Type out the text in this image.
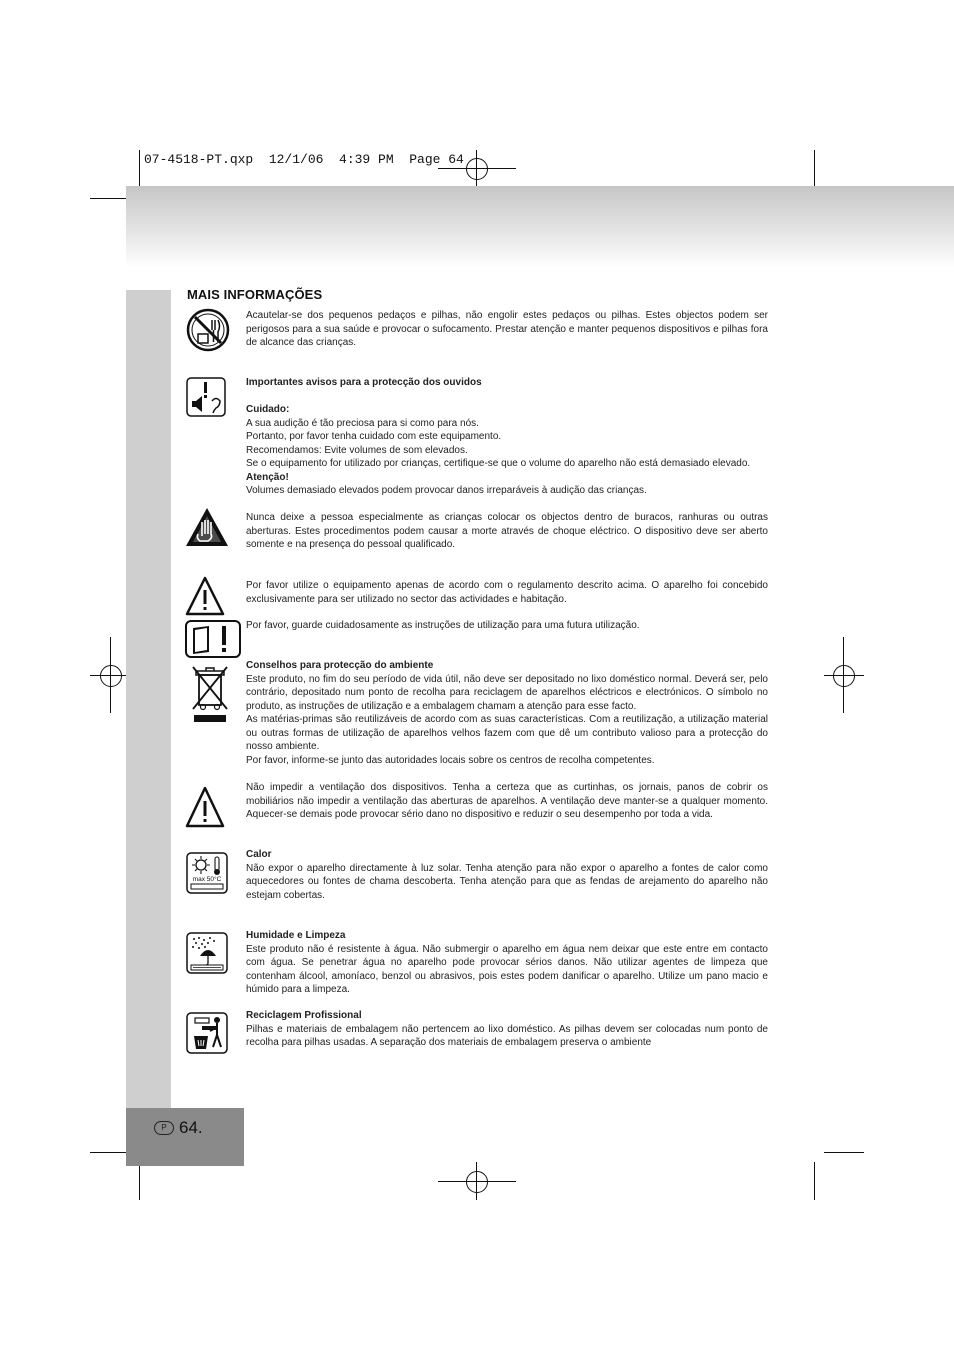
07-4518-PT.qxp  12/1/06  4:39 PM  Page 64
P 64.
MAIS INFORMAÇÕES
max 50°C

Acautelar-se dos pequenos pedaços e pilhas, não engolir estes pedaços ou pilhas. Estes objectos podem ser perigosos para a sua saúde e provocar o sufocamento. Prestar atenção e manter pequenos dispositivos e pilhas fora de alcance das crianças.

Importantes avisos para a protecção dos ouvidos

Cuidado:

A sua audição é tão preciosa para si como para nós.

Portanto, por favor tenha cuidado com este equipamento.

Recomendamos: Evite volumes de som elevados.

Se o equipamento for utilizado por crianças, certifique-se que o volume do aparelho não está demasiado elevado.

Atenção!

Volumes demasiado elevados podem provocar danos irreparáveis à audição das crianças.

Nunca deixe a pessoa especialmente as crianças colocar os objectos dentro de buracos, ranhuras ou outras aberturas. Estes procedimentos podem causar a morte através de choque eléctrico. O dispositivo deve ser aberto somente e na presença do pessoal qualificado.

Por favor utilize o equipamento apenas de acordo com o regulamento descrito acima. O aparelho foi concebido exclusivamente para ser utilizado no sector das actividades e habitação.

Por favor, guarde cuidadosamente as instruções de utilização para uma futura utilização.

Conselhos para protecção do ambiente

Este produto, no fim do seu período de vida útil, não deve ser depositado no lixo doméstico normal. Deverá ser, pelo contrário, depositado num ponto de recolha para reciclagem de aparelhos eléctricos e electrónicos. O símbolo no produto, as instruções de utilização e a embalagem chamam a atenção para esse facto.

As matérias-primas são reutilizáveis de acordo com as suas características. Com a reutilização, a utilização material ou outras formas de utilização de aparelhos velhos fazem com que dê um contributo valioso para a protecção do nosso ambiente.

Por favor, informe-se junto das autoridades locais sobre os centros de recolha competentes.

Não impedir a ventilação dos dispositivos. Tenha a certeza que as curtinhas, os jornais, panos de cobrir os mobiliários não impedir a ventilação das aberturas de aparelhos. A ventilação deve manter-se a qualquer momento. Aquecer-se demais pode provocar sério dano no dispositivo e reduzir o seu desempenho por toda a vida.

Calor

Não expor o aparelho directamente à luz solar. Tenha atenção para não expor o aparelho a fontes de calor como aquecedores ou fontes de chama descoberta. Tenha atenção para que as fendas de arejamento do aparelho não estejam cobertas.

Humidade e Limpeza

Este produto não é resistente à água. Não submergir o aparelho em água nem deixar que este entre em contacto com água. Se penetrar água no aparelho pode provocar sérios danos. Não utilizar agentes de limpeza que contenham álcool, amoníaco, benzol ou abrasivos, pois estes podem danificar o aparelho. Utilize um pano macio e húmido para a limpeza.

Reciclagem Profissional

Pilhas e materiais de embalagem não pertencem ao lixo doméstico. As pilhas devem ser colocadas num ponto de recolha para pilhas usadas. A separação dos materiais de embalagem preserva o ambiente
